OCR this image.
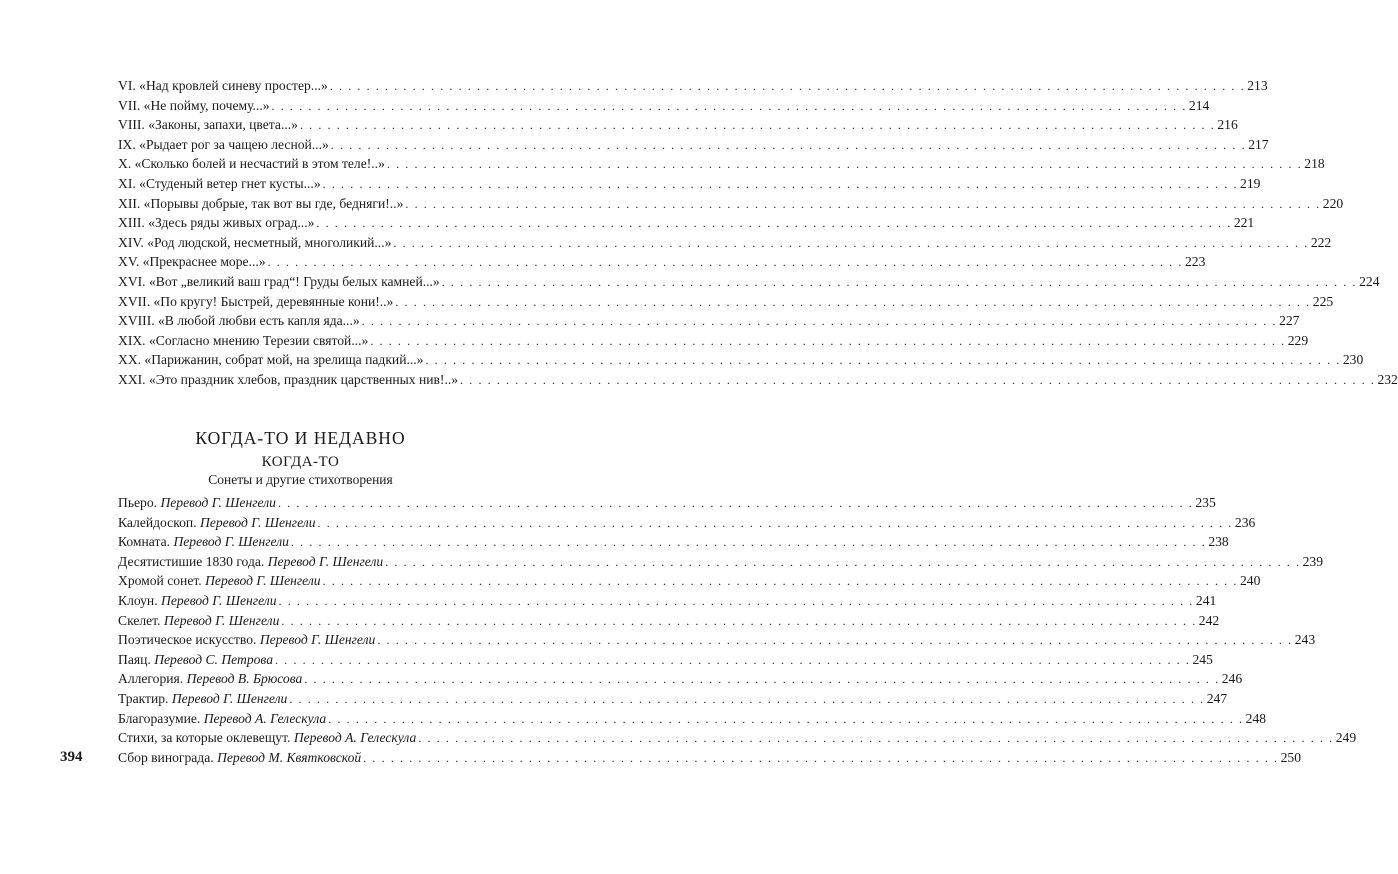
VI. «Над кровлей синеву простер...» . . .	213
VII. «Не пойму, почему...» . . .	214
VIII. «Законы, запахи, цвета...» . . .	216
IX. «Рыдает рог за чащею лесной...» . . .	217
X. «Сколько болей и несчастий в этом теле!..» . . .	218
XI. «Студеный ветер гнет кусты...» . . .	219
XII. «Порывы добрые, так вот вы где, бедняги!..» . . .	220
XIII. «Здесь ряды живых оград...» . . .	221
XIV. «Род людской, несметный, многоликий...» . . .	222
XV. «Прекраснее море...» . . .	223
XVI. «Вот „великий ваш град“! Груды белых камней...» . . .	224
XVII. «По кругу! Быстрей, деревянные кони!..» . . .	225
XVIII. «В любой любви есть капля яда...» . . .	227
XIX. «Согласно мнению Терезии святой...» . . .	229
XX. «Парижанин, собрат мой, на зрелища падкий...» . . .	230
XXI. «Это праздник хлебов, праздник царственных нив!..» . . .	232
КОГДА-ТО И НЕДАВНО
КОГДА-ТО
Сонеты и другие стихотворения
Пьеро. Перевод Г. Шенгели . . .	235
Калейдоскоп. Перевод Г. Шенгели . . .	236
Комната. Перевод Г. Шенгели . . .	238
Десятистишие 1830 года. Перевод Г. Шенгели . . .	239
Хромой сонет. Перевод Г. Шенгели . . .	240
Клоун. Перевод Г. Шенгели . . .	241
Скелет. Перевод Г. Шенгели . . .	242
Поэтическое искусство. Перевод Г. Шенгели . . .	243
Паяц. Перевод С. Петрова . . .	245
Аллегория. Перевод В. Брюсова . . .	246
Трактир. Перевод Г. Шенгели . . .	247
Благоразумие. Перевод А. Гелескула . . .	248
Стихи, за которые оклевещут. Перевод А. Гелескула . . .	249
Сбор винограда. Перевод М. Квятковской . . .	250
394
